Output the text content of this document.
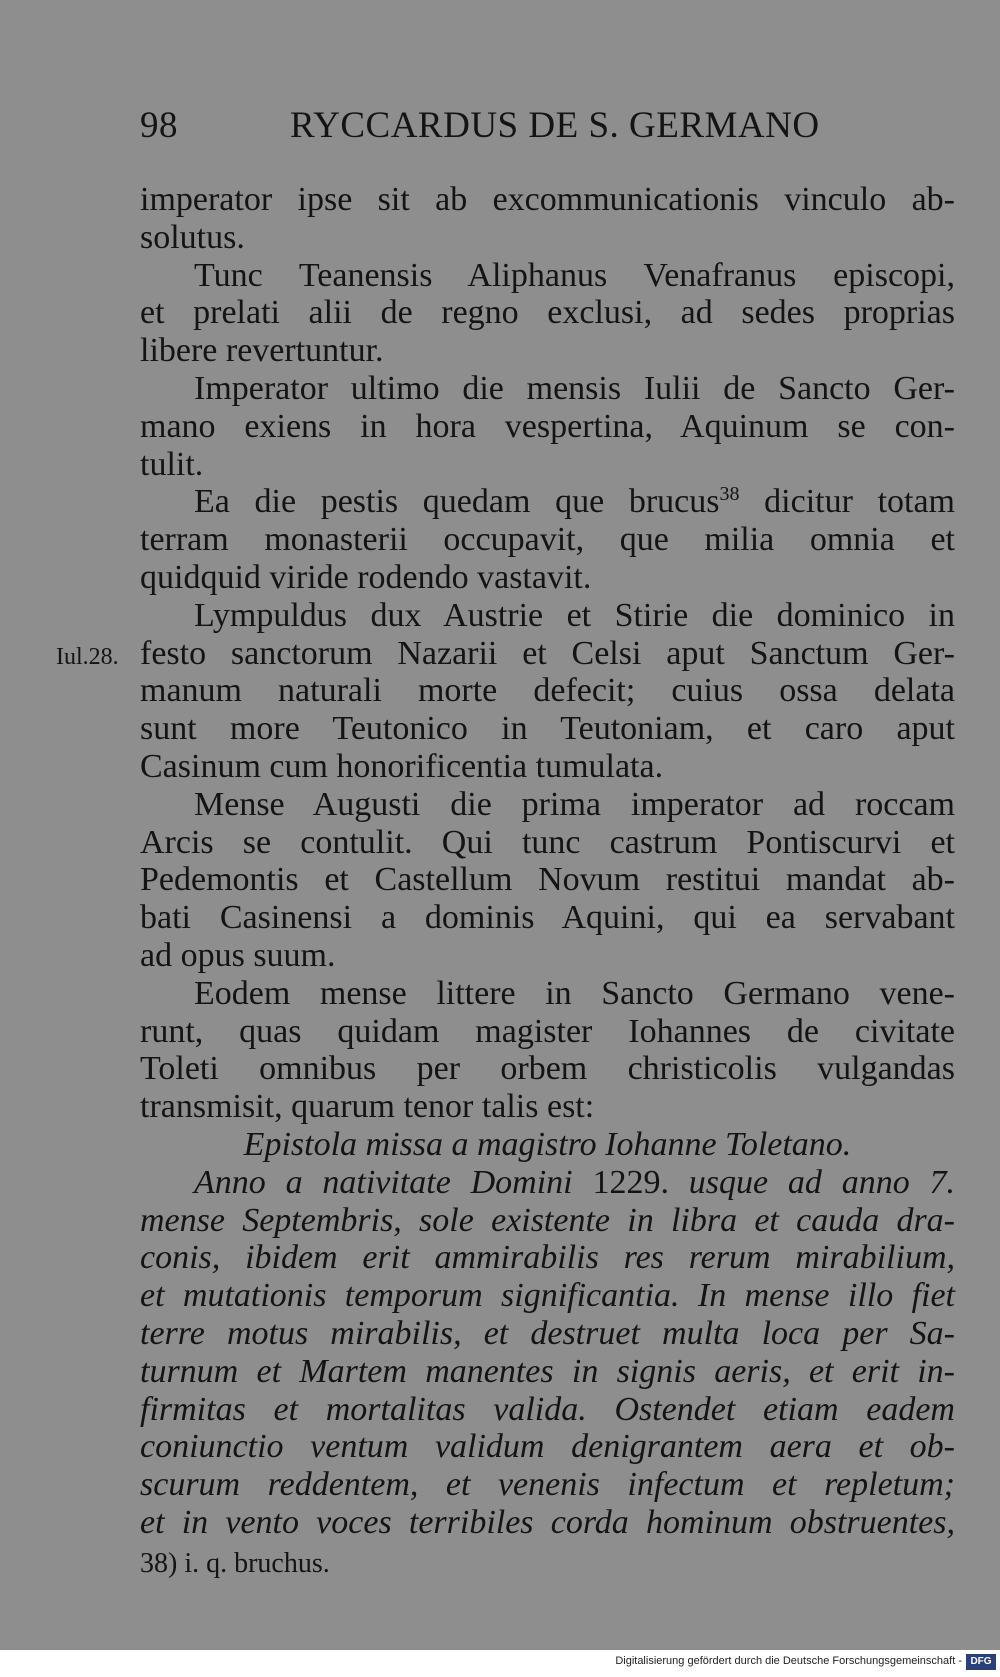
98	RYCCARDUS DE S. GERMANO
Iul.28.
imperator ipse sit ab excommunicationis vinculo ab-
solutus.
Tunc Teanensis Aliphanus Venafranus episcopi,
et prelati alii de regno exclusi, ad sedes proprias
libere revertuntur.
Imperator ultimo die mensis Iulii de Sancto Ger-
mano exiens in hora vespertina, Aquinum se con-
tulit.
Ea die pestis quedam que brucus$^{38}$ dicitur totam
terram monasterii occupavit, que milia omnia et
quidquid viride rodendo vastavit.
Lympuldus dux Austrie et Stirie die dominico in
festo sanctorum Nazarii et Celsi aput Sanctum Ger-
manum naturali morte defecit; cuius ossa delata
sunt more Teutonico in Teutoniam, et caro aput
Casinum cum honorificentia tumulata.
Mense Augusti die prima imperator ad roccam
Arcis se contulit. Qui tunc castrum Pontiscurvi et
Pedemontis et Castellum Novum restitui mandat ab-
bati Casinensi a dominis Aquini, qui ea servabant
ad opus suum.
Eodem mense littere in Sancto Germano vene-
runt, quas quidam magister Iohannes de civitate
Toleti omnibus per orbem christicolis vulgandas
transmisit, quarum tenor talis est:
Epistola missa a magistro Iohanne Toletano.
Anno a nativitate Domini 1229. usque ad anno 7.
mense Septembris, sole existente in libra et cauda dra-
conis, ibidem erit ammirabilis res rerum mirabilium,
et mutationis temporum significantia. In mense illo fiet
terre motus mirabilis, et destruet multa loca per Sa-
turnum et Martem manentes in signis aeris, et erit in-
firmitas et mortalitas valida. Ostendet etiam eadem
coniunctio ventum validum denigrantem aera et ob-
scurum reddentem, et venenis infectum et repletum;
et in vento voces terribiles corda hominum obstruentes,
38) i. q. bruchus.
Digitalisierung gefördert durch die Deutsche Forschungsgemeinschaft - DFG
